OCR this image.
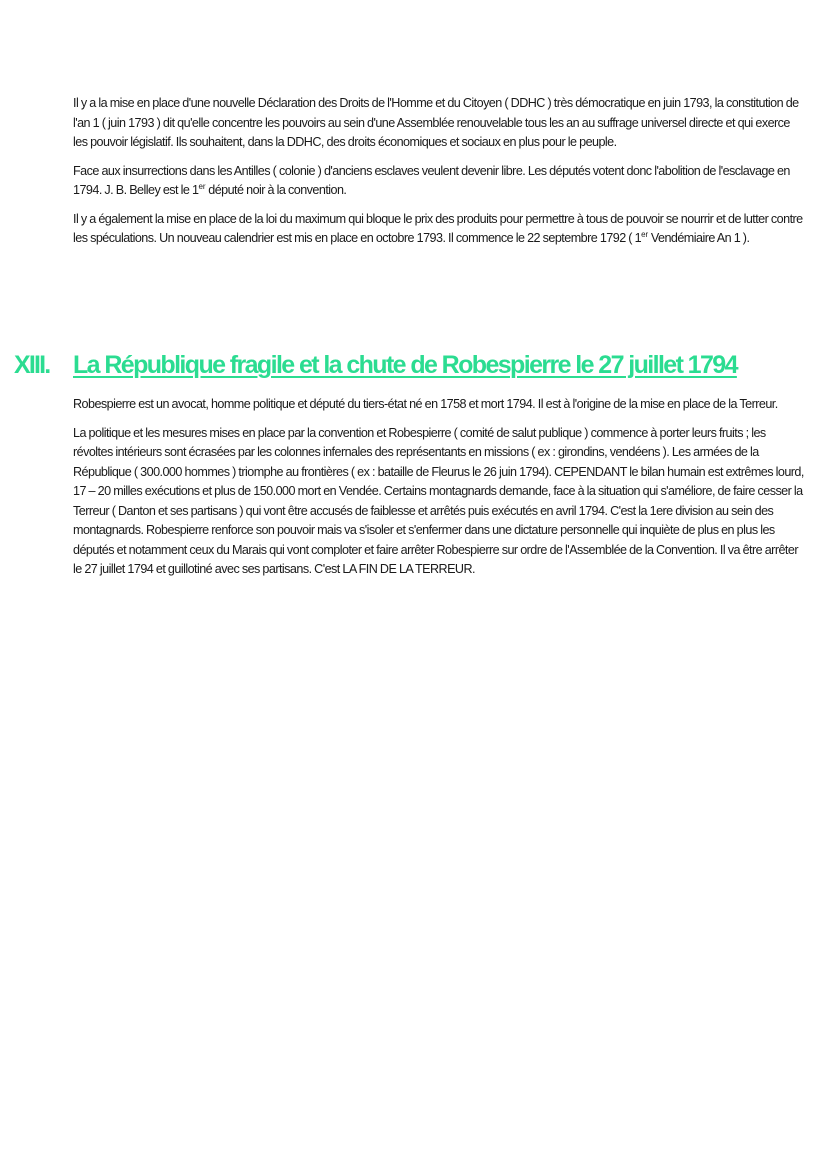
Il y a la mise en place d'une nouvelle Déclaration des Droits de l'Homme et du Citoyen ( DDHC ) très démocratique en juin 1793, la constitution de l'an 1 ( juin 1793 ) dit qu'elle concentre les pouvoirs au sein d'une Assemblée renouvelable tous les an au suffrage universel directe et qui exerce les pouvoir législatif. Ils souhaitent, dans la DDHC, des droits économiques et sociaux en plus pour le peuple.

Face aux insurrections dans les Antilles ( colonie ) d'anciens esclaves veulent devenir libre. Les députés votent donc l'abolition de l'esclavage en 1794. J. B. Belley est le 1er député noir à la convention.

Il y a également la mise en place de la loi du maximum qui bloque le prix des produits pour permettre à tous de pouvoir se nourrir et de lutter contre les spéculations. Un nouveau calendrier est mis en place en octobre 1793. Il commence le 22 septembre 1792 ( 1er Vendémiaire An 1 ).

XIII. La République fragile et la chute de Robespierre le 27 juillet 1794

Robespierre est un avocat, homme politique et député du tiers-état né en 1758 et mort 1794. Il est à l'origine de la mise en place de la Terreur.

La politique et les mesures mises en place par la convention et Robespierre ( comité de salut publique ) commence à porter leurs fruits ; les révoltes intérieurs sont écrasées par les colonnes infernales des représentants en missions ( ex : girondins, vendéens ). Les armées de la République ( 300.000 hommes ) triomphe au frontières ( ex : bataille de Fleurus le 26 juin 1794). CEPENDANT le bilan humain est extrêmes lourd, 17 – 20 milles exécutions et plus de 150.000 mort en Vendée. Certains montagnards demande, face à la situation qui s'améliore, de faire cesser la Terreur ( Danton et ses partisans ) qui vont être accusés de faiblesse et arrêtés puis exécutés en avril 1794. C'est la 1ere division au sein des montagnards. Robespierre renforce son pouvoir mais va s'isoler et s'enfermer dans une dictature personnelle qui inquiète de plus en plus les députés et notamment ceux du Marais qui vont comploter et faire arrêter Robespierre sur ordre de l'Assemblée de la Convention. Il va être arrêter le 27 juillet 1794 et guillotiné avec ses partisans. C'est LA FIN DE LA TERREUR.
